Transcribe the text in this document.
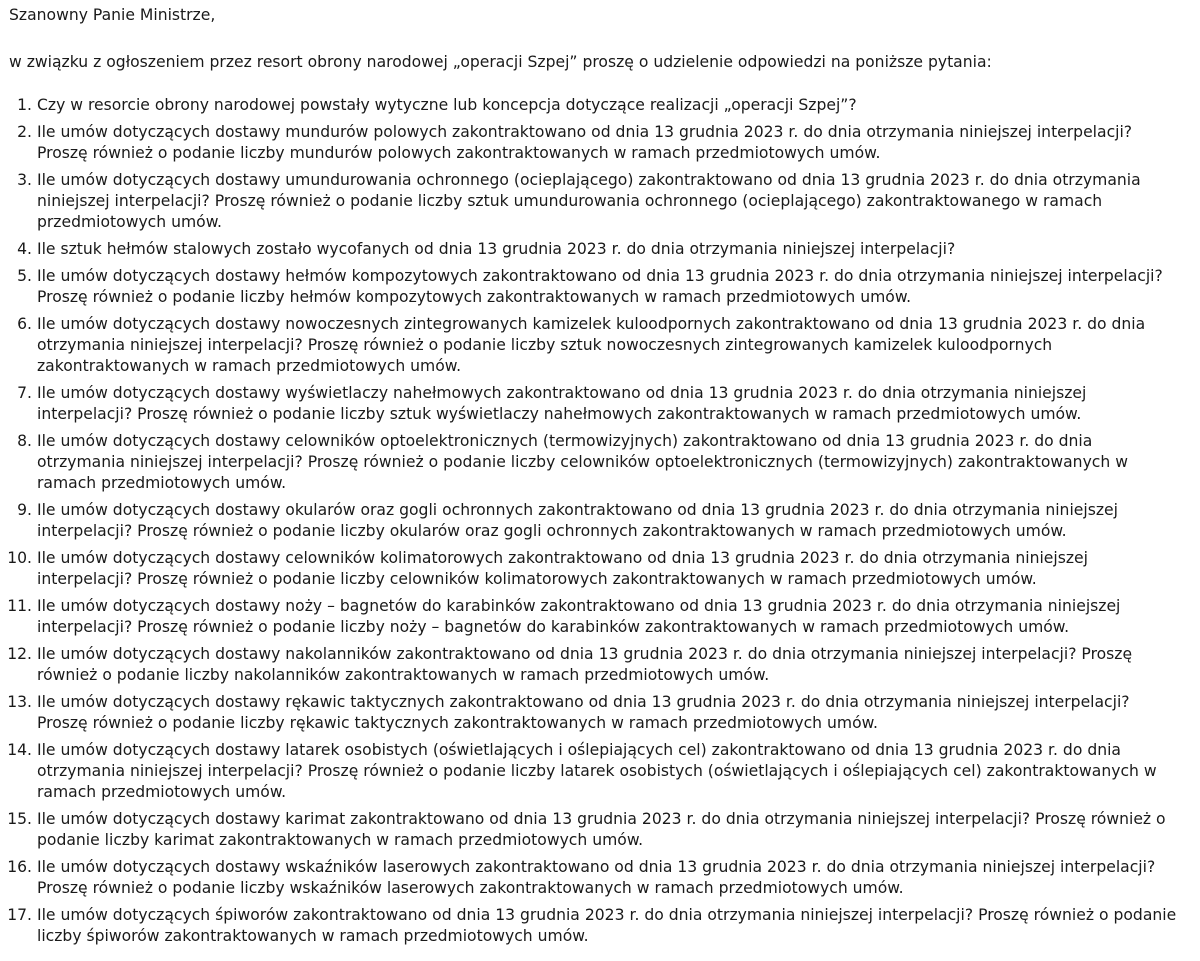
Szanowny Panie Ministrze,

w związku z ogłoszeniem przez resort obrony narodowej „operacji Szpej” proszę o udzielenie odpowiedzi na poniższe pytania:

1. Czy w resorcie obrony narodowej powstały wytyczne lub koncepcja dotyczące realizacji „operacji Szpej”?
2. Ile umów dotyczących dostawy mundurów polowych zakontraktowano od dnia 13 grudnia 2023 r. do dnia otrzymania niniejszej interpelacji? Proszę również o podanie liczby mundurów polowych zakontraktowanych w ramach przedmiotowych umów.
3. Ile umów dotyczących dostawy umundurowania ochronnego (ocieplającego) zakontraktowano od dnia 13 grudnia 2023 r. do dnia otrzymania niniejszej interpelacji? Proszę również o podanie liczby sztuk umundurowania ochronnego (ocieplającego) zakontraktowanego w ramach przedmiotowych umów.
4. Ile sztuk hełmów stalowych zostało wycofanych od dnia 13 grudnia 2023 r. do dnia otrzymania niniejszej interpelacji?
5. Ile umów dotyczących dostawy hełmów kompozytowych zakontraktowano od dnia 13 grudnia 2023 r. do dnia otrzymania niniejszej interpelacji? Proszę również o podanie liczby hełmów kompozytowych zakontraktowanych w ramach przedmiotowych umów.
6. Ile umów dotyczących dostawy nowoczesnych zintegrowanych kamizelek kuloodpornych zakontraktowano od dnia 13 grudnia 2023 r. do dnia otrzymania niniejszej interpelacji? Proszę również o podanie liczby sztuk nowoczesnych zintegrowanych kamizelek kuloodpornych zakontraktowanych w ramach przedmiotowych umów.
7. Ile umów dotyczących dostawy wyświetlaczy nahełmowych zakontraktowano od dnia 13 grudnia 2023 r. do dnia otrzymania niniejszej interpelacji? Proszę również o podanie liczby sztuk wyświetlaczy nahełmowych zakontraktowanych w ramach przedmiotowych umów.
8. Ile umów dotyczących dostawy celowników optoelektronicznych (termowizyjnych) zakontraktowano od dnia 13 grudnia 2023 r. do dnia otrzymania niniejszej interpelacji? Proszę również o podanie liczby celowników optoelektronicznych (termowizyjnych) zakontraktowanych w ramach przedmiotowych umów.
9. Ile umów dotyczących dostawy okularów oraz gogli ochronnych zakontraktowano od dnia 13 grudnia 2023 r. do dnia otrzymania niniejszej interpelacji? Proszę również o podanie liczby okularów oraz gogli ochronnych zakontraktowanych w ramach przedmiotowych umów.
10. Ile umów dotyczących dostawy celowników kolimatorowych zakontraktowano od dnia 13 grudnia 2023 r. do dnia otrzymania niniejszej interpelacji? Proszę również o podanie liczby celowników kolimatorowych zakontraktowanych w ramach przedmiotowych umów.
11. Ile umów dotyczących dostawy noży – bagnetów do karabinków zakontraktowano od dnia 13 grudnia 2023 r. do dnia otrzymania niniejszej interpelacji? Proszę również o podanie liczby noży – bagnetów do karabinków zakontraktowanych w ramach przedmiotowych umów.
12. Ile umów dotyczących dostawy nakolanników zakontraktowano od dnia 13 grudnia 2023 r. do dnia otrzymania niniejszej interpelacji? Proszę również o podanie liczby nakolanników zakontraktowanych w ramach przedmiotowych umów.
13. Ile umów dotyczących dostawy rękawic taktycznych zakontraktowano od dnia 13 grudnia 2023 r. do dnia otrzymania niniejszej interpelacji? Proszę również o podanie liczby rękawic taktycznych zakontraktowanych w ramach przedmiotowych umów.
14. Ile umów dotyczących dostawy latarek osobistych (oświetlających i oślepiających cel) zakontraktowano od dnia 13 grudnia 2023 r. do dnia otrzymania niniejszej interpelacji? Proszę również o podanie liczby latarek osobistych (oświetlających i oślepiających cel) zakontraktowanych w ramach przedmiotowych umów.
15. Ile umów dotyczących dostawy karimat zakontraktowano od dnia 13 grudnia 2023 r. do dnia otrzymania niniejszej interpelacji? Proszę również o podanie liczby karimat zakontraktowanych w ramach przedmiotowych umów.
16. Ile umów dotyczących dostawy wskaźników laserowych zakontraktowano od dnia 13 grudnia 2023 r. do dnia otrzymania niniejszej interpelacji? Proszę również o podanie liczby wskaźników laserowych zakontraktowanych w ramach przedmiotowych umów.
17. Ile umów dotyczących śpiworów zakontraktowano od dnia 13 grudnia 2023 r. do dnia otrzymania niniejszej interpelacji? Proszę również o podanie liczby śpiworów zakontraktowanych w ramach przedmiotowych umów.
